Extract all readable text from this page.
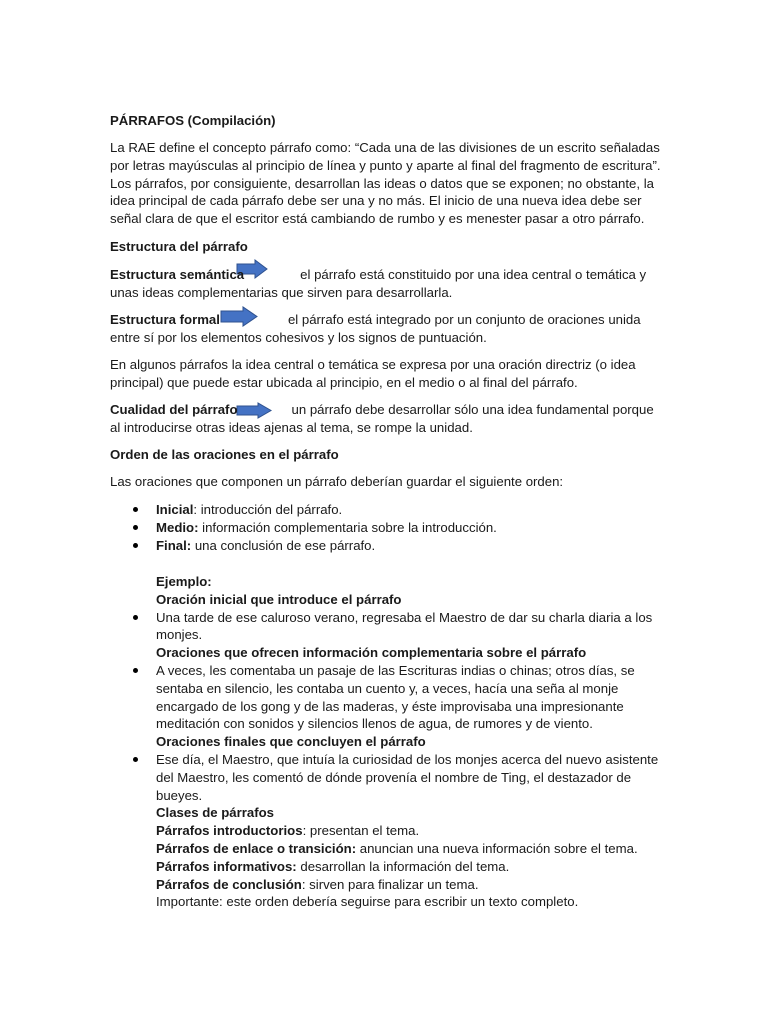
PÁRRAFOS (Compilación)

La RAE define el concepto párrafo como: “Cada una de las divisiones de un escrito señaladas por letras mayúsculas al principio de línea y punto y aparte al final del fragmento de escritura”. Los párrafos, por consiguiente, desarrollan las ideas o datos que se exponen; no obstante, la idea principal de cada párrafo debe ser una y no más. El inicio de una nueva idea debe ser señal clara de que el escritor está cambiando de rumbo y es menester pasar a otro párrafo.

Estructura del párrafo

Estructura semántica	el párrafo está constituido por una idea central o temática y unas ideas complementarias que sirven para desarrollarla.

Estructura formal	el párrafo está integrado por un conjunto de oraciones unida entre sí por los elementos cohesivos y los signos de puntuación.

En algunos párrafos la idea central o temática se expresa por una oración directriz (o idea principal) que puede estar ubicada al principio, en el medio o al final del párrafo.

Cualidad del párrafo	un párrafo debe desarrollar sólo una idea fundamental porque al introducirse otras ideas ajenas al tema, se rompe la unidad.

Orden de las oraciones en el párrafo

Las oraciones que componen un párrafo deberían guardar el siguiente orden:

Inicial: introducción del párrafo.
Medio: información complementaria sobre la introducción.
Final: una conclusión de ese párrafo.
Ejemplo:
Oración inicial que introduce el párrafo
Una tarde de ese caluroso verano, regresaba el Maestro de dar su charla diaria a los monjes.
Oraciones que ofrecen información complementaria sobre el párrafo
A veces, les comentaba un pasaje de las Escrituras indias o chinas; otros días, se sentaba en silencio, les contaba un cuento y, a veces, hacía una seña al monje encargado de los gong y de las maderas, y éste improvisaba una impresionante meditación con sonidos y silencios llenos de agua, de rumores y de viento.
Oraciones finales que concluyen el párrafo
Ese día, el Maestro, que intuía la curiosidad de los monjes acerca del nuevo asistente del Maestro, les comentó de dónde provenía el nombre de Ting, el destazador de bueyes.
Clases de párrafos
Párrafos introductorios: presentan el tema.
Párrafos de enlace o transición: anuncian una nueva información sobre el tema.
Párrafos informativos: desarrollan la información del tema.
Párrafos de conclusión: sirven para finalizar un tema.
Importante: este orden debería seguirse para escribir un texto completo.
